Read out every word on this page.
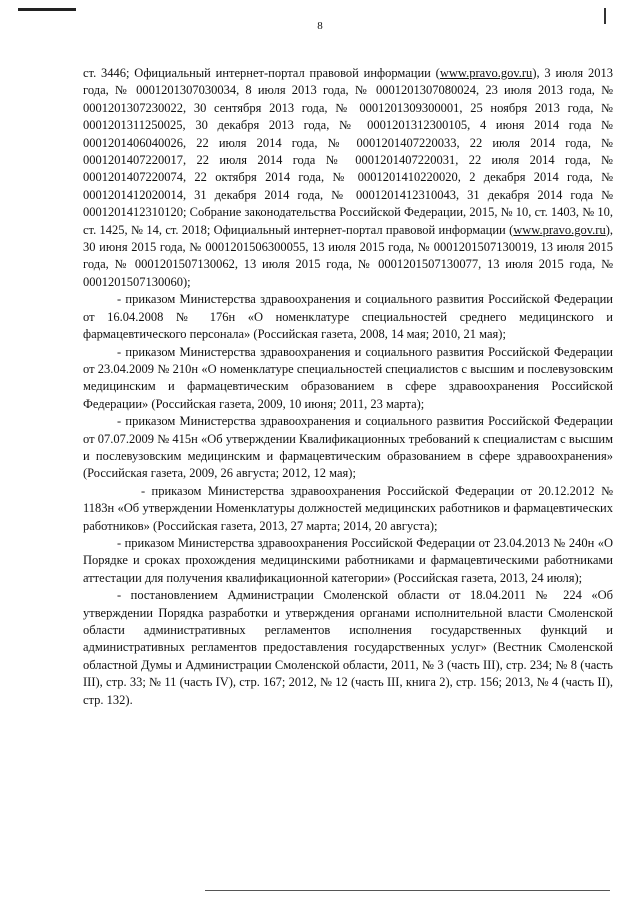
8

ст. 3446; Официальный интернет-портал правовой информации (www.pravo.gov.ru), 3 июля 2013 года, № 0001201307030034, 8 июля 2013 года, № 0001201307080024, 23 июля 2013 года, № 0001201307230022, 30 сентября 2013 года, № 0001201309300001, 25 ноября 2013 года, № 0001201311250025, 30 декабря 2013 года, № 0001201312300105, 4 июня 2014 года № 0001201406040026, 22 июля 2014 года, № 0001201407220033, 22 июля 2014 года, № 0001201407220017, 22 июля 2014 года № 0001201407220031, 22 июля 2014 года, № 0001201407220074, 22 октября 2014 года, № 0001201410220020, 2 декабря 2014 года, № 0001201412020014, 31 декабря 2014 года, № 0001201412310043, 31 декабря 2014 года № 0001201412310120; Собрание законодательства Российской Федерации, 2015, № 10, ст. 1403, № 10, ст. 1425, № 14, ст. 2018; Официальный интернет-портал правовой информации (www.pravo.gov.ru), 30 июня 2015 года, № 0001201506300055, 13 июля 2015 года, № 0001201507130019, 13 июля 2015 года, № 0001201507130062, 13 июля 2015 года, № 0001201507130077, 13 июля 2015 года, № 0001201507130060);

- приказом Министерства здравоохранения и социального развития Российской Федерации от 16.04.2008 № 176н «О номенклатуре специальностей среднего медицинского и фармацевтического персонала» (Российская газета, 2008, 14 мая; 2010, 21 мая);

- приказом Министерства здравоохранения и социального развития Российской Федерации от 23.04.2009 № 210н «О номенклатуре специальностей специалистов с высшим и послевузовским медицинским и фармацевтическим образованием в сфере здравоохранения Российской Федерации» (Российская газета, 2009, 10 июня; 2011, 23 марта);

- приказом Министерства здравоохранения и социального развития Российской Федерации от 07.07.2009 № 415н «Об утверждении Квалификационных требований к специалистам с высшим и послевузовским медицинским и фармацевтическим образованием в сфере здравоохранения» (Российская газета, 2009, 26 августа; 2012, 12 мая);

- приказом Министерства здравоохранения Российской Федерации от 20.12.2012 № 1183н «Об утверждении Номенклатуры должностей медицинских работников и фармацевтических работников» (Российская газета, 2013, 27 марта; 2014, 20 августа);

- приказом Министерства здравоохранения Российской Федерации от 23.04.2013 № 240н «О Порядке и сроках прохождения медицинскими работниками и фармацевтическими работниками аттестации для получения квалификационной категории» (Российская газета, 2013, 24 июля);

- постановлением Администрации Смоленской области от 18.04.2011 № 224 «Об утверждении Порядка разработки и утверждения органами исполнительной власти Смоленской области административных регламентов исполнения государственных функций и административных регламентов предоставления государственных услуг» (Вестник Смоленской областной Думы и Администрации Смоленской области, 2011, № 3 (часть III), стр. 234; № 8 (часть III), стр. 33; № 11 (часть IV), стр. 167; 2012, № 12 (часть III, книга 2), стр. 156; 2013, № 4 (часть II), стр. 132).
